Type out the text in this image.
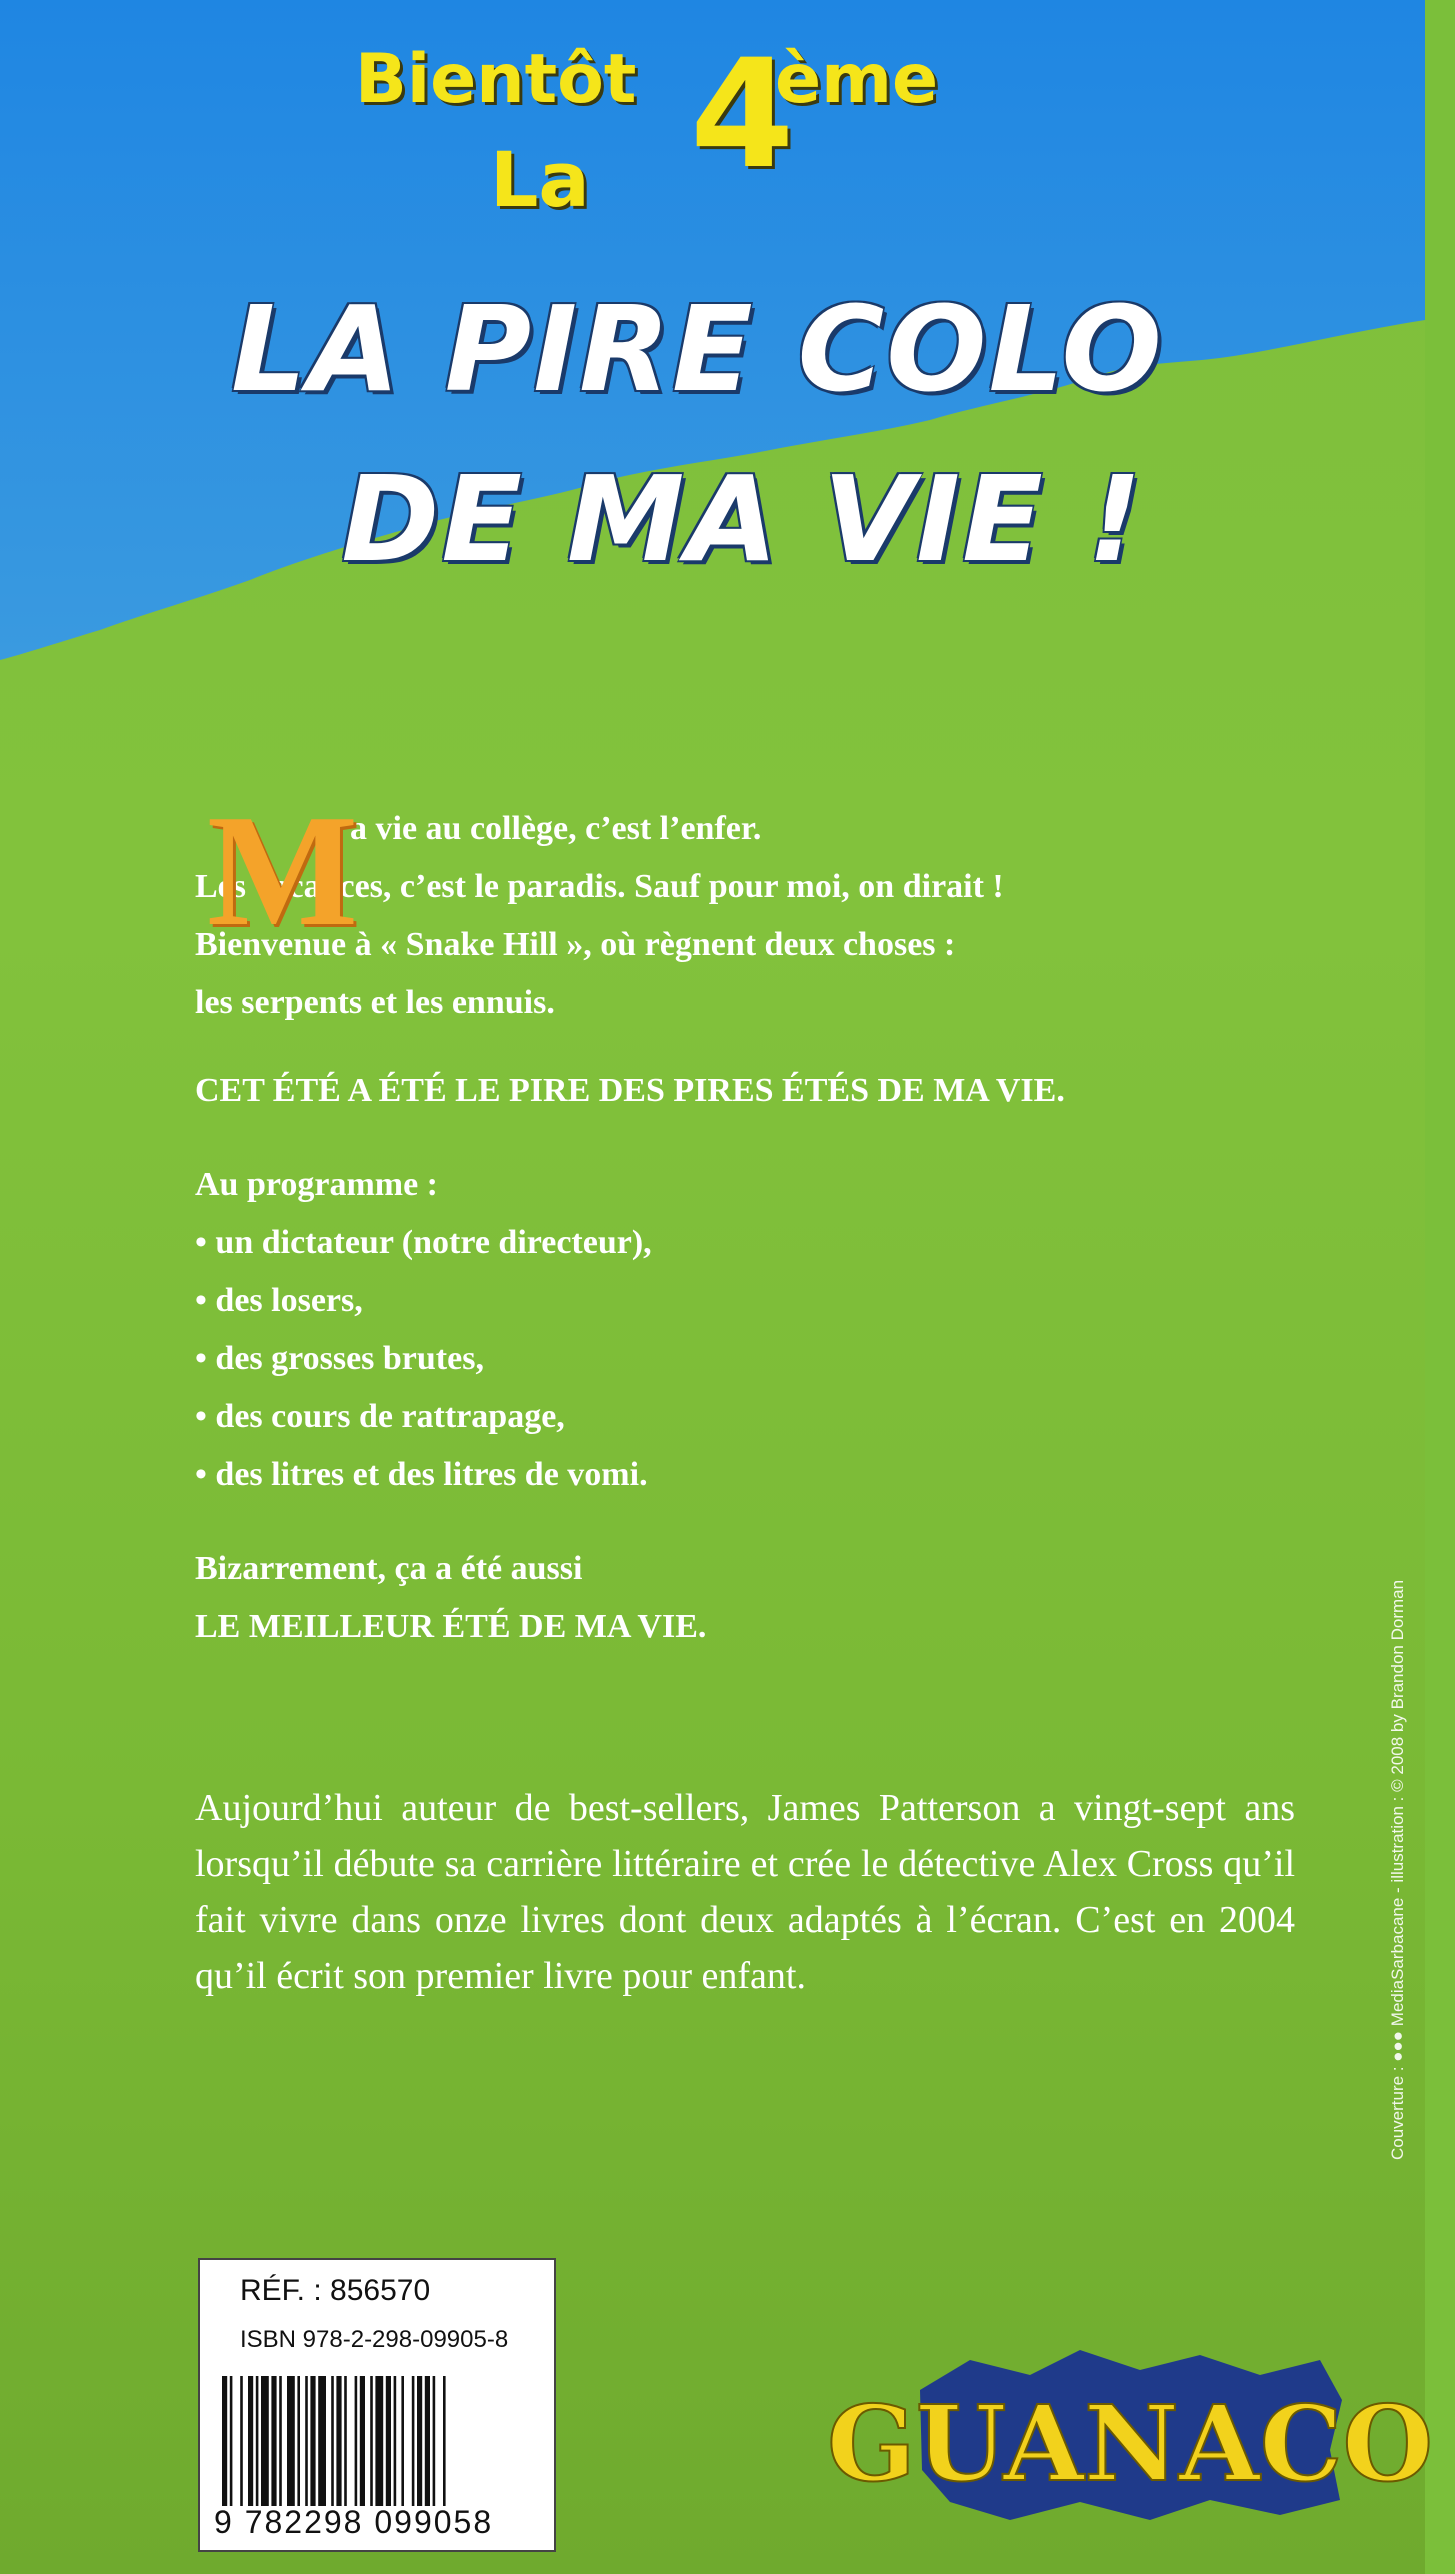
Bientôt 4
ème
La
LA PIRE COLO
DE MA VIE !
M
a vie au collège, c’est l’enfer.
Les vacances, c’est le paradis. Sauf pour moi, on dirait !
Bienvenue à « Snake Hill », où règnent deux choses :
les serpents et les ennuis.
CET ÉTÉ A ÉTÉ LE PIRE DES PIRES ÉTÉS DE MA VIE.
Au programme :
• un dictateur (notre directeur),
• des losers,
• des grosses brutes,
• des cours de rattrapage,
• des litres et des litres de vomi.
Bizarrement, ça a été aussi
LE MEILLEUR ÉTÉ DE MA VIE.
Aujourd’hui auteur de best-sellers, James Patterson a vingt-sept ans lorsqu’il débute sa carrière littéraire et crée le détective Alex Cross qu’il fait vivre dans onze livres dont deux adaptés à l’écran. C’est en 2004 qu’il écrit son premier livre pour enfant.	Couverture : ●●● MediaSarbacane - illustration : © 2008 by Brandon Dorman
RÉF. : 856570
ISBN 978-2-298-09905-8
9 782298 099058
GUANACO
